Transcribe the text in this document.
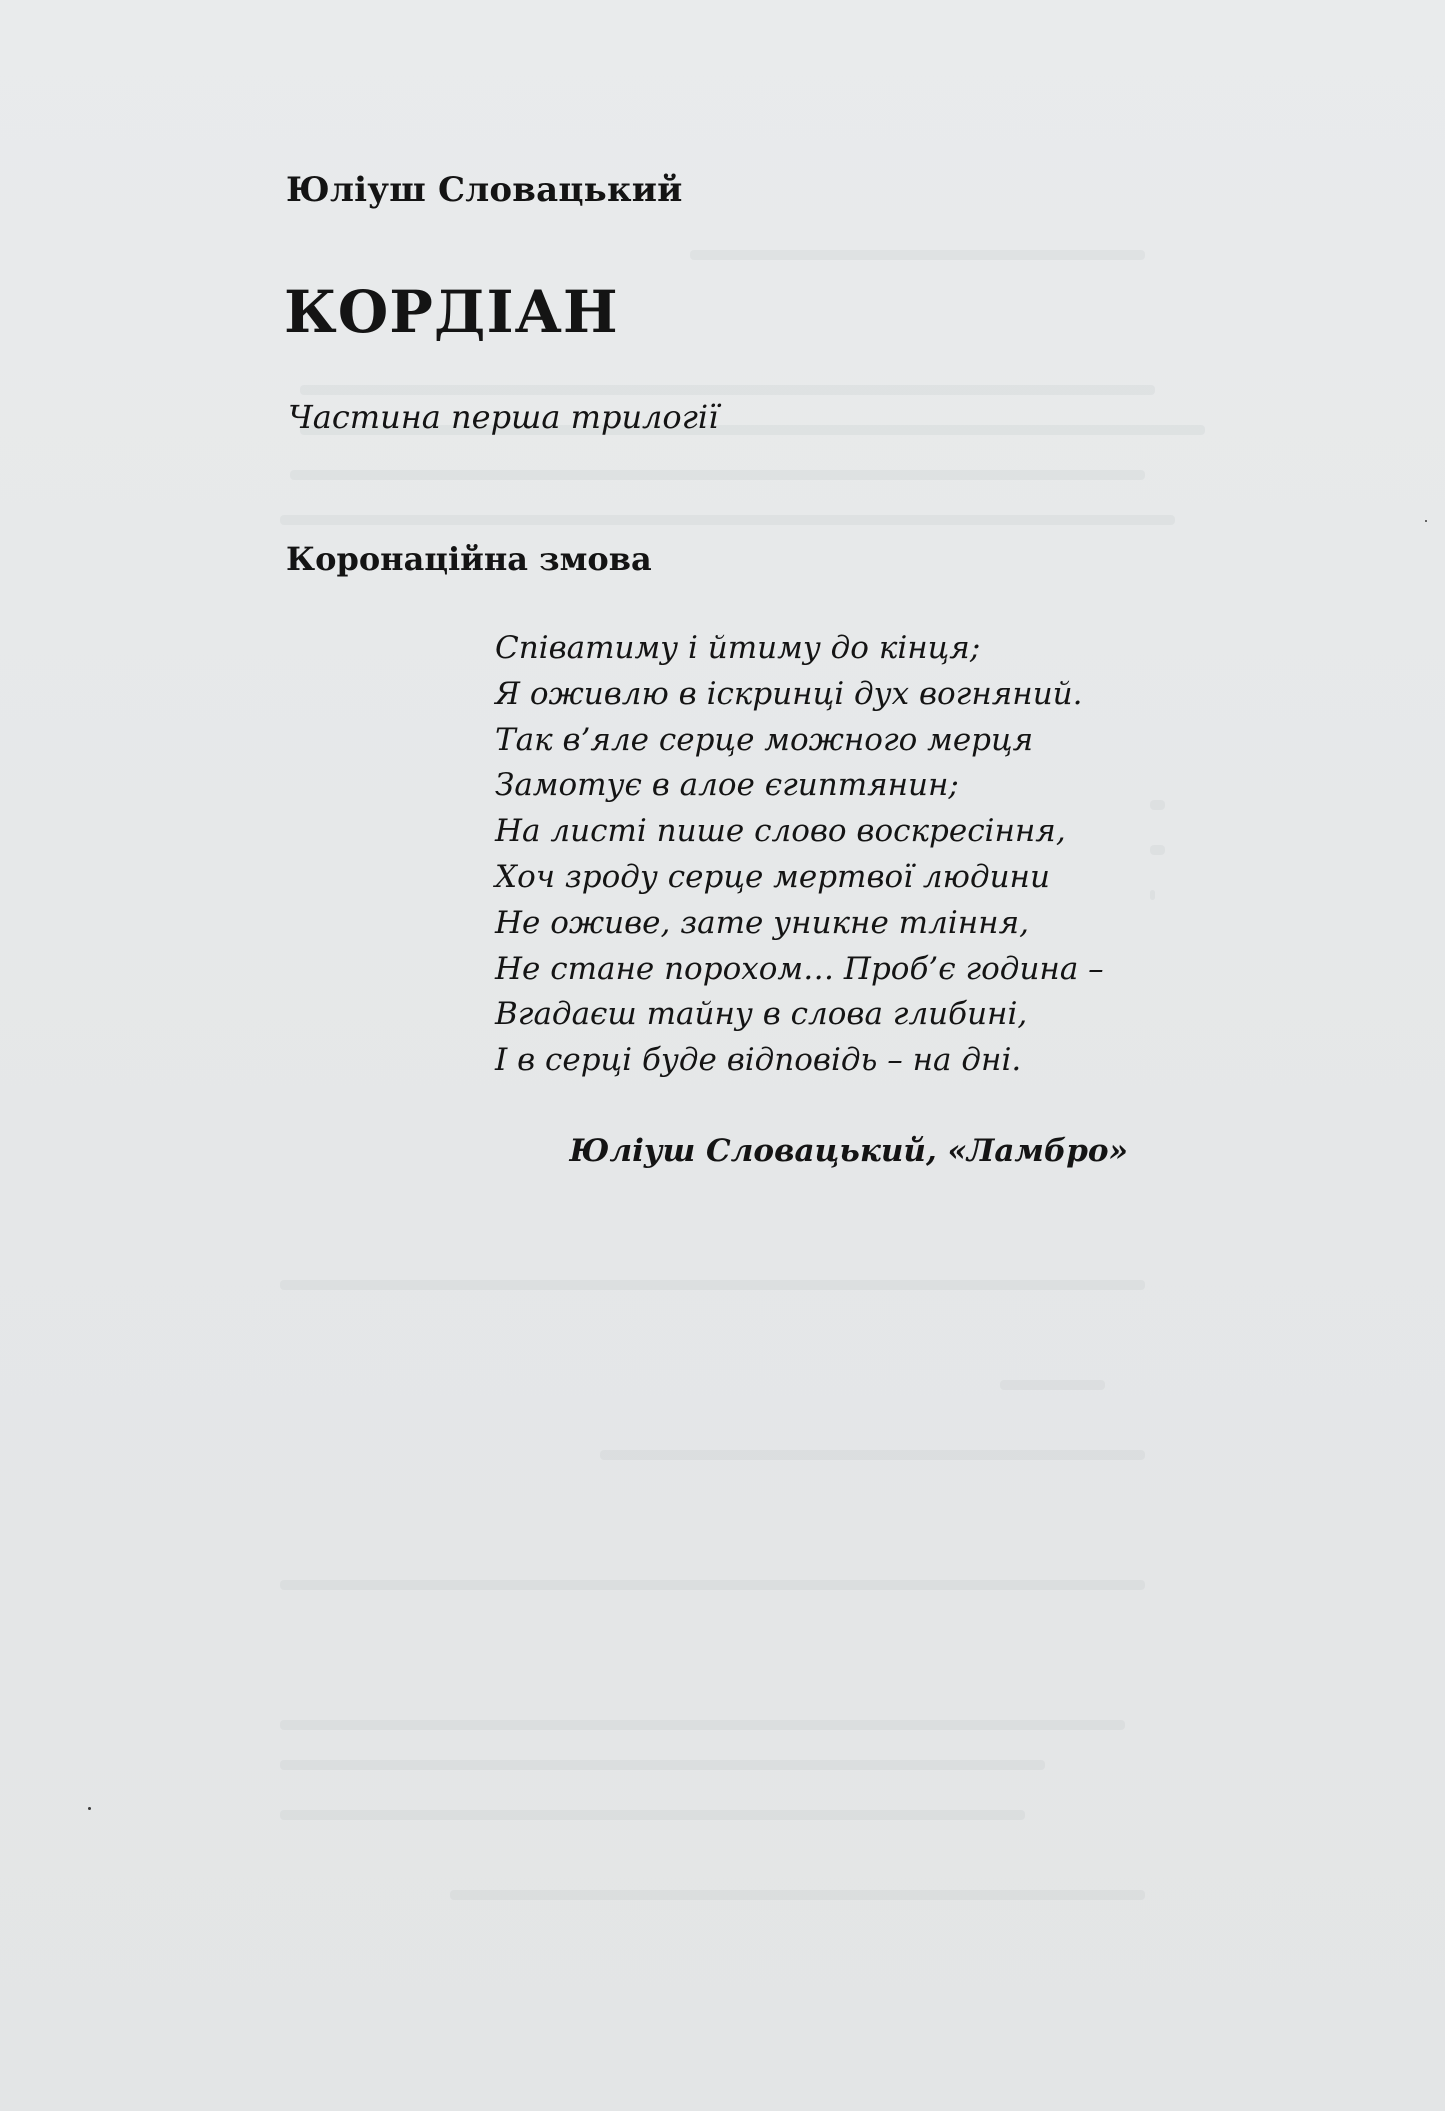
Юліуш Словацький
КОРДІАН
Частина перша трилогії
Коронаційна змова
Співатиму і йтиму до кінця;
Я оживлю в іскринці дух вогняний.
Так в’яле серце можного мерця
Замотує в алое єгиптянин;
На листі пише слово воскресіння,
Хоч зроду серце мертвої людини
Не оживе, зате уникне тління,
Не стане порохом… Проб’є година –
Вгадаєш тайну в слова глибині,
І в серці буде відповідь – на дні.
Юліуш Словацький, «Ламбро»
